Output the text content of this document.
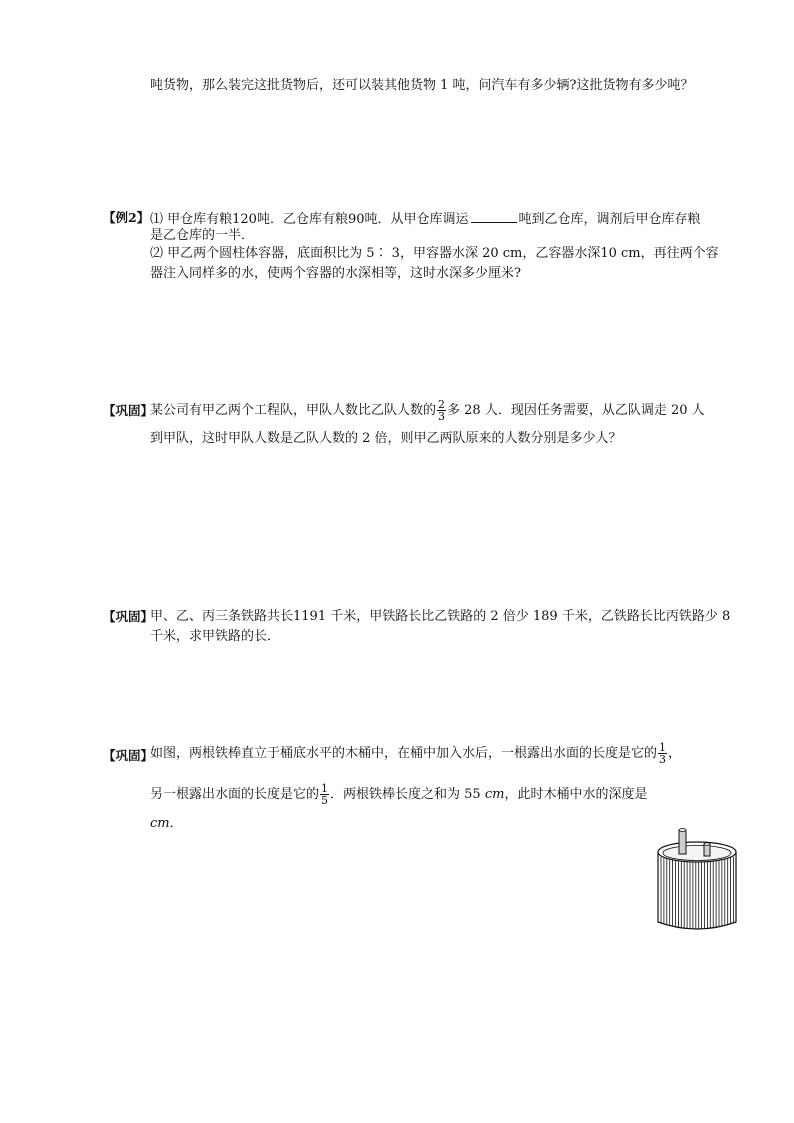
吨货物，那么装完这批货物后，还可以装其他货物 1 吨，问汽车有多少辆?这批货物有多少吨？
【例2】 ⑴ 甲仓库有粮120吨．乙仓库有粮90吨．从甲仓库调运	吨到乙仓库，调剂后甲仓库存粮
是乙仓库的一半．
⑵ 甲乙两个圆柱体容器，底面积比为 5∶ 3，甲容器水深 20 cm，乙容器水深10 cm，再往两个容
器注入同样多的水，使两个容器的水深相等，这时水深多少厘米?
【巩固】
某公司有甲乙两个工程队，甲队人数比乙队人数的 $\frac{2}{3}$ 多 28 人．现因任务需要，从乙队调走 20 人
到甲队，这时甲队人数是乙队人数的 2 倍，则甲乙两队原来的人数分别是多少人？
【巩固】
甲、乙、丙三条铁路共长1191 千米，甲铁路长比乙铁路的 2 倍少 189 千米，乙铁路长比丙铁路少 8
千米，求甲铁路的长．
【巩固】
如图，两根铁棒直立于桶底水平的木桶中，在桶中加入水后，一根露出水面的长度是它的 $\frac{1}{3}$ ，
另一根露出水面的长度是它的 $\frac{1}{5}$ ．两根铁棒长度之和为 55 cm，此时木桶中水的深度是
cm．
